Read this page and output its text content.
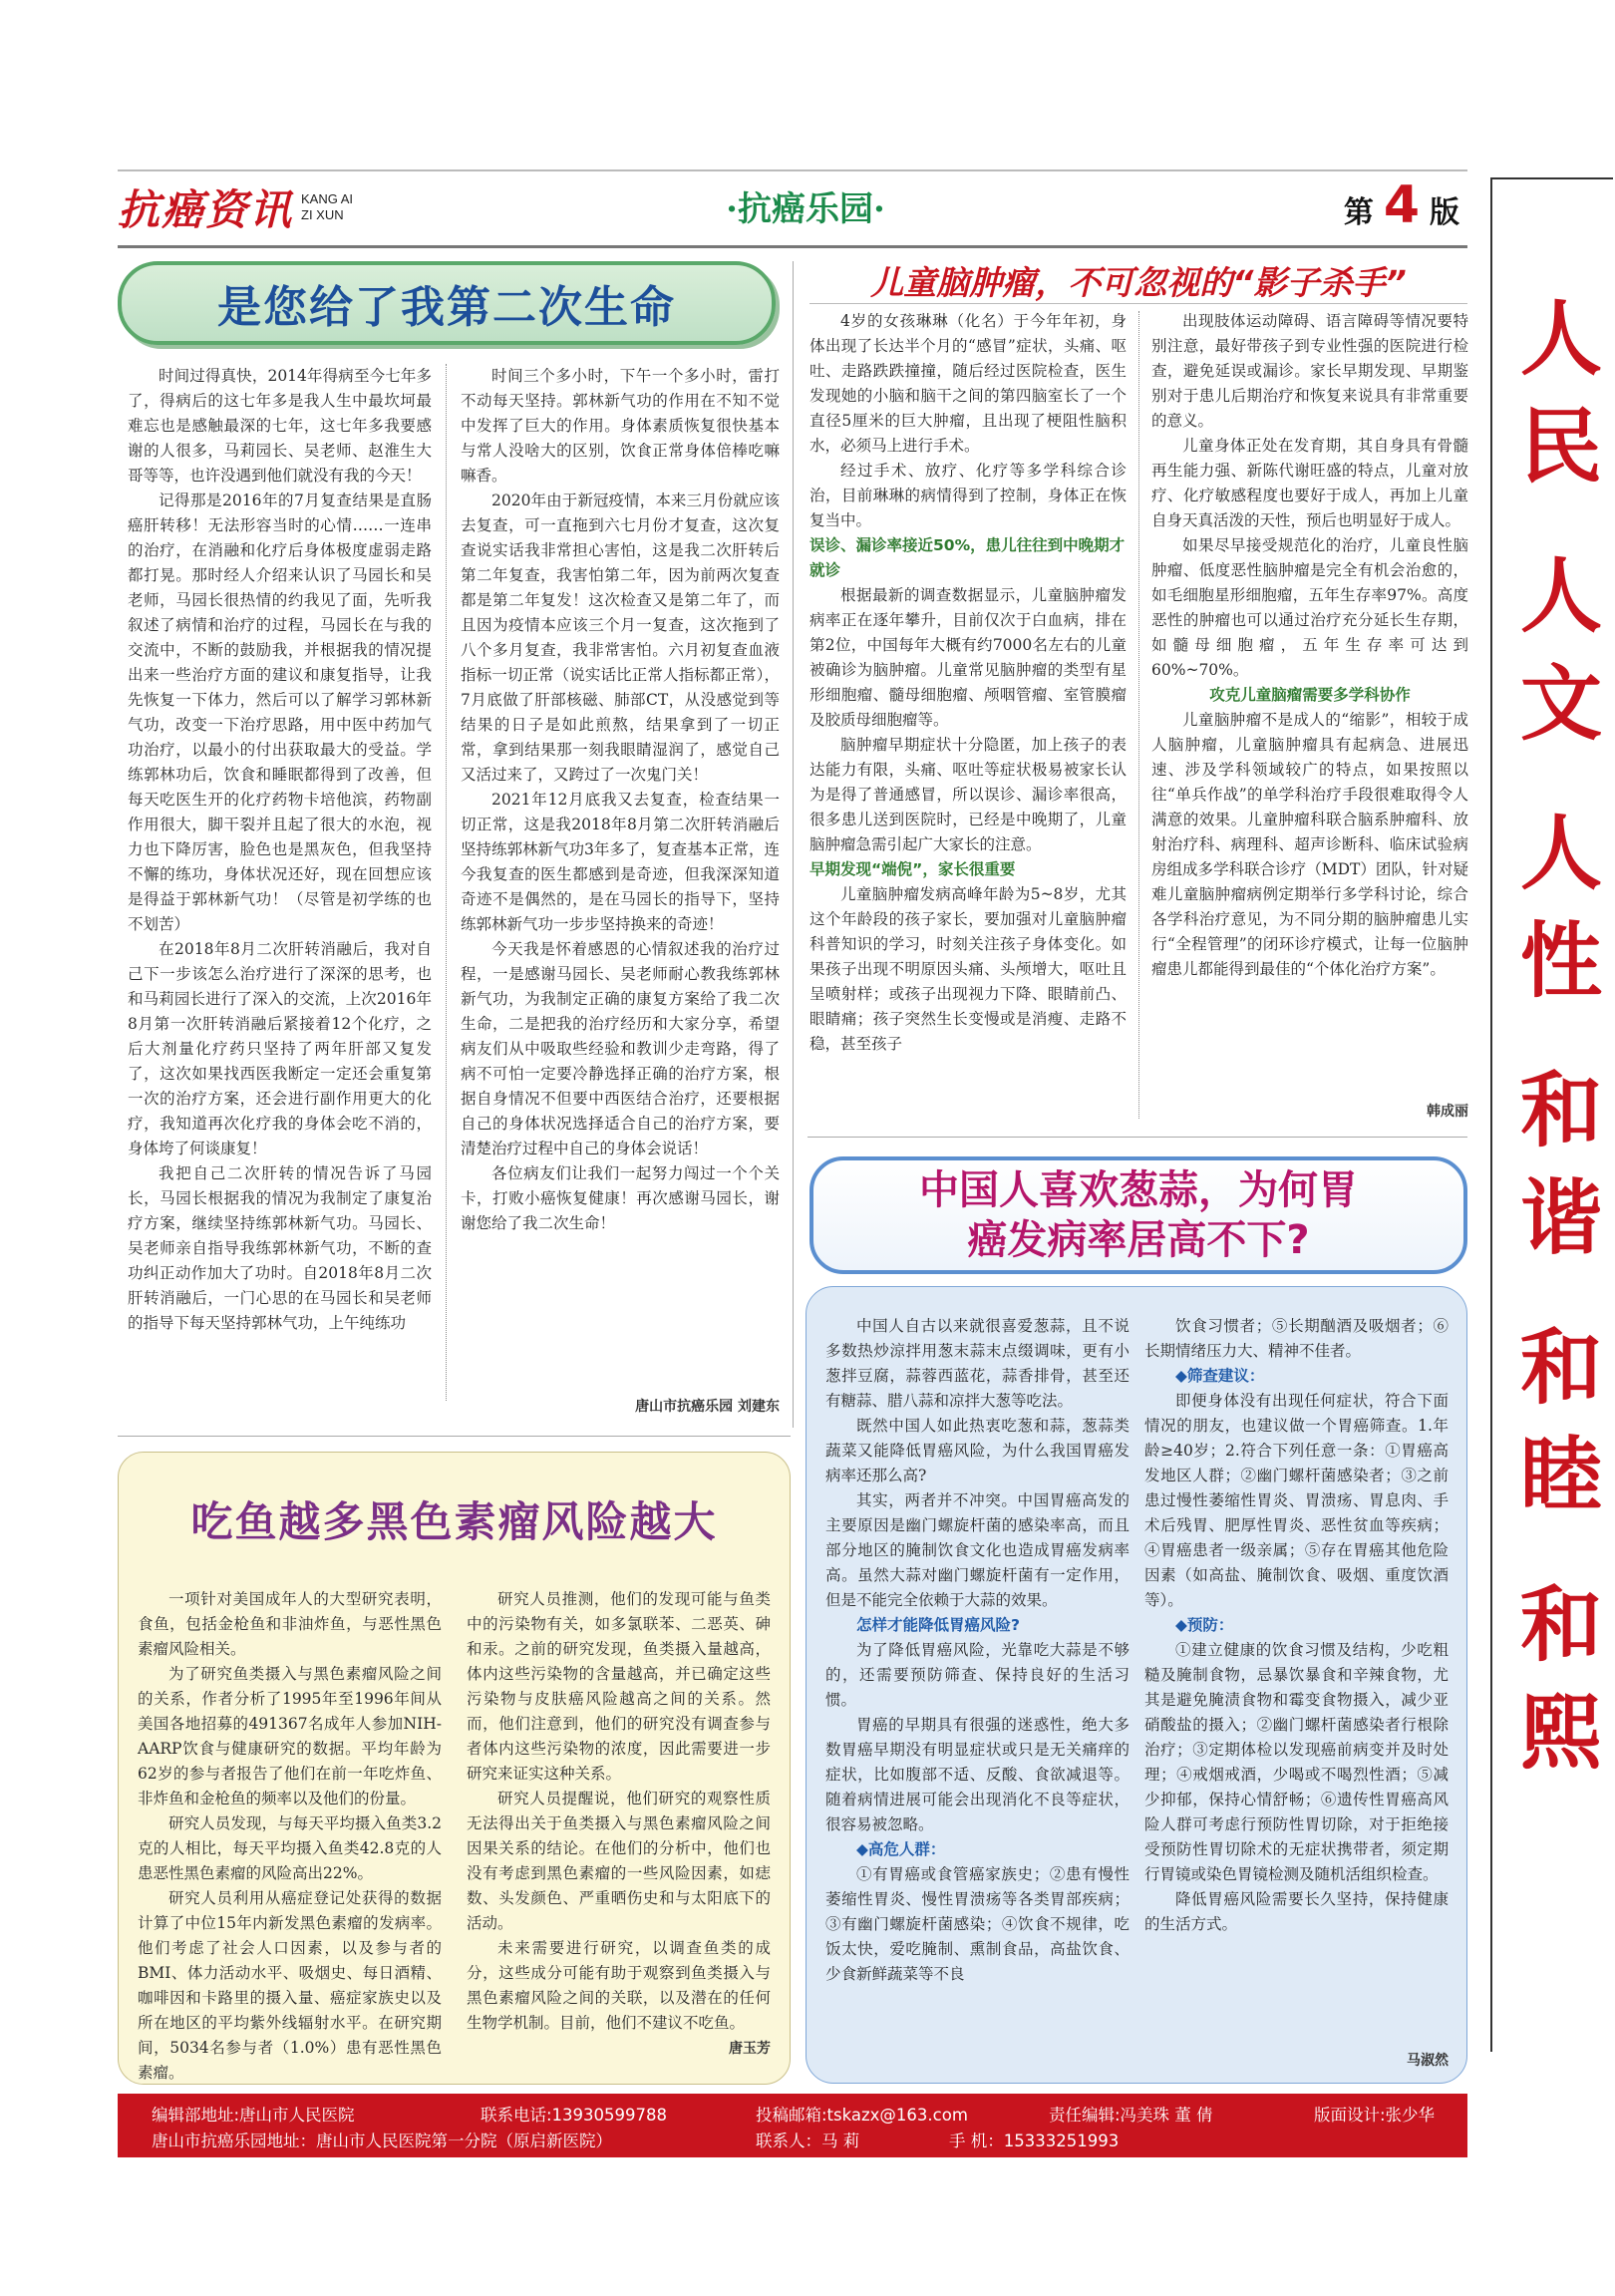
抗癌资讯 KANG AI
ZI XUN	·抗癌乐园·	第 4 版
人
民
人
文
人
性
和
谐
和
睦
和
熙
是您给了我第二次生命
时间过得真快，2014年得病至今七年多了，得病后的这七年多是我人生中最坎坷最难忘也是感触最深的七年，这七年多我要感谢的人很多，马莉园长、吴老师、赵淮生大哥等等，也许没遇到他们就没有我的今天！
记得那是2016年的7月复查结果是直肠癌肝转移！无法形容当时的心情……一连串的治疗，在消融和化疗后身体极度虚弱走路都打晃。那时经人介绍来认识了马园长和吴老师，马园长很热情的约我见了面，先听我叙述了病情和治疗的过程，马园长在与我的交流中，不断的鼓励我，并根据我的情况提出来一些治疗方面的建议和康复指导，让我先恢复一下体力，然后可以了解学习郭林新气功，改变一下治疗思路，用中医中药加气功治疗，以最小的付出获取最大的受益。学练郭林功后，饮食和睡眠都得到了改善，但每天吃医生开的化疗药物卡培他滨，药物副作用很大，脚干裂并且起了很大的水泡，视力也下降厉害，脸色也是黑灰色，但我坚持不懈的练功，身体状况还好，现在回想应该是得益于郭林新气功！（尽管是初学练的也不划苦）
在2018年8月二次肝转消融后，我对自己下一步该怎么治疗进行了深深的思考，也和马莉园长进行了深入的交流，上次2016年8月第一次肝转消融后紧接着12个化疗，之后大剂量化疗药只坚持了两年肝部又复发了，这次如果找西医我断定一定还会重复第一次的治疗方案，还会进行副作用更大的化疗，我知道再次化疗我的身体会吃不消的，身体垮了何谈康复！
我把自己二次肝转的情况告诉了马园长，马园长根据我的情况为我制定了康复治疗方案，继续坚持练郭林新气功。马园长、吴老师亲自指导我练郭林新气功，不断的查功纠正动作加大了功时。自2018年8月二次肝转消融后，一门心思的在马园长和吴老师的指导下每天坚持郭林气功，上午纯练功
时间三个多小时，下午一个多小时，雷打不动每天坚持。郭林新气功的作用在不知不觉中发挥了巨大的作用。身体素质恢复很快基本与常人没啥大的区别，饮食正常身体倍棒吃嘛嘛香。
2020年由于新冠疫情，本来三月份就应该去复查，可一直拖到六七月份才复查，这次复查说实话我非常担心害怕，这是我二次肝转后第二年复查，我害怕第二年，因为前两次复查都是第二年复发！这次检查又是第二年了，而且因为疫情本应该三个月一复查，这次拖到了八个多月复查，我非常害怕。六月初复查血液指标一切正常（说实话比正常人指标都正常），7月底做了肝部核磁、肺部CT，从没感觉到等结果的日子是如此煎熬，结果拿到了一切正常，拿到结果那一刻我眼睛湿润了，感觉自己又活过来了，又跨过了一次鬼门关！
2021年12月底我又去复查，检查结果一切正常，这是我2018年8月第二次肝转消融后坚持练郭林新气功3年多了，复查基本正常，连今我复查的医生都感到是奇迹，但我深深知道奇迹不是偶然的，是在马园长的指导下，坚持练郭林新气功一步步坚持换来的奇迹！
今天我是怀着感恩的心情叙述我的治疗过程，一是感谢马园长、吴老师耐心教我练郭林新气功，为我制定正确的康复方案给了我二次生命，二是把我的治疗经历和大家分享，希望病友们从中吸取些经验和教训少走弯路，得了病不可怕一定要冷静选择正确的治疗方案，根据自身情况不但要中西医结合治疗，还要根据自己的身体状况选择适合自己的治疗方案，要清楚治疗过程中自己的身体会说话！
各位病友们让我们一起努力闯过一个个关卡，打败小癌恢复健康！再次感谢马园长，谢谢您给了我二次生命！
唐山市抗癌乐园 刘建东
儿童脑肿瘤，不可忽视的“影子杀手”
4岁的女孩琳琳（化名）于今年年初，身体出现了长达半个月的“感冒”症状，头痛、呕吐、走路跌跌撞撞，随后经过医院检查，医生发现她的小脑和脑干之间的第四脑室长了一个直径5厘米的巨大肿瘤，且出现了梗阻性脑积水，必须马上进行手术。
经过手术、放疗、化疗等多学科综合诊治，目前琳琳的病情得到了控制，身体正在恢复当中。
误诊、漏诊率接近50%，患儿往往到中晚期才就诊
根据最新的调查数据显示，儿童脑肿瘤发病率正在逐年攀升，目前仅次于白血病，排在第2位，中国每年大概有约7000名左右的儿童被确诊为脑肿瘤。儿童常见脑肿瘤的类型有星形细胞瘤、髓母细胞瘤、颅咽管瘤、室管膜瘤及胶质母细胞瘤等。
脑肿瘤早期症状十分隐匿，加上孩子的表达能力有限，头痛、呕吐等症状极易被家长认为是得了普通感冒，所以误诊、漏诊率很高，很多患儿送到医院时，已经是中晚期了，儿童脑肿瘤急需引起广大家长的注意。
早期发现“端倪”，家长很重要
儿童脑肿瘤发病高峰年龄为5~8岁，尤其这个年龄段的孩子家长，要加强对儿童脑肿瘤科普知识的学习，时刻关注孩子身体变化。如果孩子出现不明原因头痛、头颅增大，呕吐且呈喷射样；或孩子出现视力下降、眼睛前凸、眼睛痛；孩子突然生长变慢或是消瘦、走路不稳，甚至孩子
出现肢体运动障碍、语言障碍等情况要特别注意，最好带孩子到专业性强的医院进行检查，避免延误或漏诊。家长早期发现、早期鉴别对于患儿后期治疗和恢复来说具有非常重要的意义。
儿童身体正处在发育期，其自身具有骨髓再生能力强、新陈代谢旺盛的特点，儿童对放疗、化疗敏感程度也要好于成人，再加上儿童自身天真活泼的天性，预后也明显好于成人。
如果尽早接受规范化的治疗，儿童良性脑肿瘤、低度恶性脑肿瘤是完全有机会治愈的，如毛细胞星形细胞瘤，五年生存率97%。高度恶性的肿瘤也可以通过治疗充分延长生存期，如髓母细胞瘤，五年生存率可达到60%~70%。
攻克儿童脑瘤需要多学科协作
儿童脑肿瘤不是成人的“缩影”，相较于成人脑肿瘤，儿童脑肿瘤具有起病急、进展迅速、涉及学科领域较广的特点，如果按照以往“单兵作战”的单学科治疗手段很难取得令人满意的效果。儿童肿瘤科联合脑系肿瘤科、放射治疗科、病理科、超声诊断科、临床试验病房组成多学科联合诊疗（MDT）团队，针对疑难儿童脑肿瘤病例定期举行多学科讨论，综合各学科治疗意见，为不同分期的脑肿瘤患儿实行“全程管理”的闭环诊疗模式，让每一位脑肿瘤患儿都能得到最佳的“个体化治疗方案”。
韩成丽
中国人喜欢葱蒜，为何胃
癌发病率居高不下?
中国人自古以来就很喜爱葱蒜，且不说多数热炒涼拌用葱末蒜末点缀调味，更有小葱拌豆腐，蒜蓉西蓝花，蒜香排骨，甚至还有糖蒜、腊八蒜和凉拌大葱等吃法。
既然中国人如此热衷吃葱和蒜，葱蒜类蔬菜又能降低胃癌风险，为什么我国胃癌发病率还那么高?
其实，两者并不冲突。中国胃癌高发的主要原因是幽门螺旋杆菌的感染率高，而且部分地区的腌制饮食文化也造成胃癌发病率高。虽然大蒜对幽门螺旋杆菌有一定作用，但是不能完全依赖于大蒜的效果。
怎样才能降低胃癌风险?
为了降低胃癌风险，光靠吃大蒜是不够的，还需要预防筛查、保持良好的生活习惯。
胃癌的早期具有很强的迷惑性，绝大多数胃癌早期没有明显症状或只是无关痛痒的症状，比如腹部不适、反酸、食欲减退等。随着病情进展可能会出现消化不良等症状，很容易被忽略。
◆高危人群：
①有胃癌或食管癌家族史；②患有慢性萎缩性胃炎、慢性胃溃疡等各类胃部疾病；③有幽门螺旋杆菌感染；④饮食不规律，吃饭太快，爱吃腌制、熏制食品，高盐饮食、少食新鲜蔬菜等不良
饮食习惯者；⑤长期酗酒及吸烟者；⑥长期情绪压力大、精神不佳者。
◆筛查建议：
即便身体没有出现任何症状，符合下面情况的朋友，也建议做一个胃癌筛查。1.年龄≥40岁；2.符合下列任意一条：①胃癌高发地区人群；②幽门螺杆菌感染者；③之前患过慢性萎缩性胃炎、胃溃疡、胃息肉、手术后残胃、肥厚性胃炎、恶性贫血等疾病；④胃癌患者一级亲属；⑤存在胃癌其他危险因素（如高盐、腌制饮食、吸烟、重度饮酒等）。
◆预防：
①建立健康的饮食习惯及结构，少吃粗糙及腌制食物，忌暴饮暴食和辛辣食物，尤其是避免腌渍食物和霉变食物摄入，减少亚硝酸盐的摄入；②幽门螺杆菌感染者行根除治疗；③定期体检以发现癌前病变并及时处理；④戒烟戒酒，少喝或不喝烈性酒；⑤减少抑郁，保持心情舒畅；⑥遗传性胃癌高风险人群可考虑行预防性胃切除，对于拒绝接受预防性胃切除术的无症状携带者，须定期行胃镜或染色胃镜检测及随机活组织检查。
降低胃癌风险需要长久坚持，保持健康的生活方式。
马淑然
吃鱼越多黑色素瘤风险越大
一项针对美国成年人的大型研究表明，食鱼，包括金枪鱼和非油炸鱼，与恶性黑色素瘤风险相关。
为了研究鱼类摄入与黑色素瘤风险之间的关系，作者分析了1995年至1996年间从美国各地招募的491367名成年人参加NIH-AARP饮食与健康研究的数据。平均年龄为62岁的参与者报告了他们在前一年吃炸鱼、非炸鱼和金枪鱼的频率以及他们的份量。
研究人员发现，与每天平均摄入鱼类3.2克的人相比，每天平均摄入鱼类42.8克的人患恶性黑色素瘤的风险高出22%。
研究人员利用从癌症登记处获得的数据计算了中位15年内新发黑色素瘤的发病率。他们考虑了社会人口因素，以及参与者的BMI、体力活动水平、吸烟史、每日酒精、咖啡因和卡路里的摄入量、癌症家族史以及所在地区的平均紫外线辐射水平。在研究期间，5034名参与者（1.0%）患有恶性黑色素瘤。
研究人员推测，他们的发现可能与鱼类中的污染物有关，如多氯联苯、二恶英、砷和汞。之前的研究发现，鱼类摄入量越高，体内这些污染物的含量越高，并已确定这些污染物与皮肤癌风险越高之间的关系。然而，他们注意到，他们的研究没有调查参与者体内这些污染物的浓度，因此需要进一步研究来证实这种关系。
研究人员提醒说，他们研究的观察性质无法得出关于鱼类摄入与黑色素瘤风险之间因果关系的结论。在他们的分析中，他们也没有考虑到黑色素瘤的一些风险因素，如痣数、头发颜色、严重晒伤史和与太阳底下的活动。
未来需要进行研究，以调查鱼类的成分，这些成分可能有助于观察到鱼类摄入与黑色素瘤风险之间的关联，以及潜在的任何生物学机制。目前，他们不建议不吃鱼。
唐玉芳
编辑部地址:唐山市人民医院	联系电话:13930599788	投稿邮箱:tskazx@163.com	责任编辑:冯美珠 董 倩	版面设计:张少华
唐山市抗癌乐园地址：唐山市人民医院第一分院（原启新医院）	联系人：马 莉	手 机：15333251993
